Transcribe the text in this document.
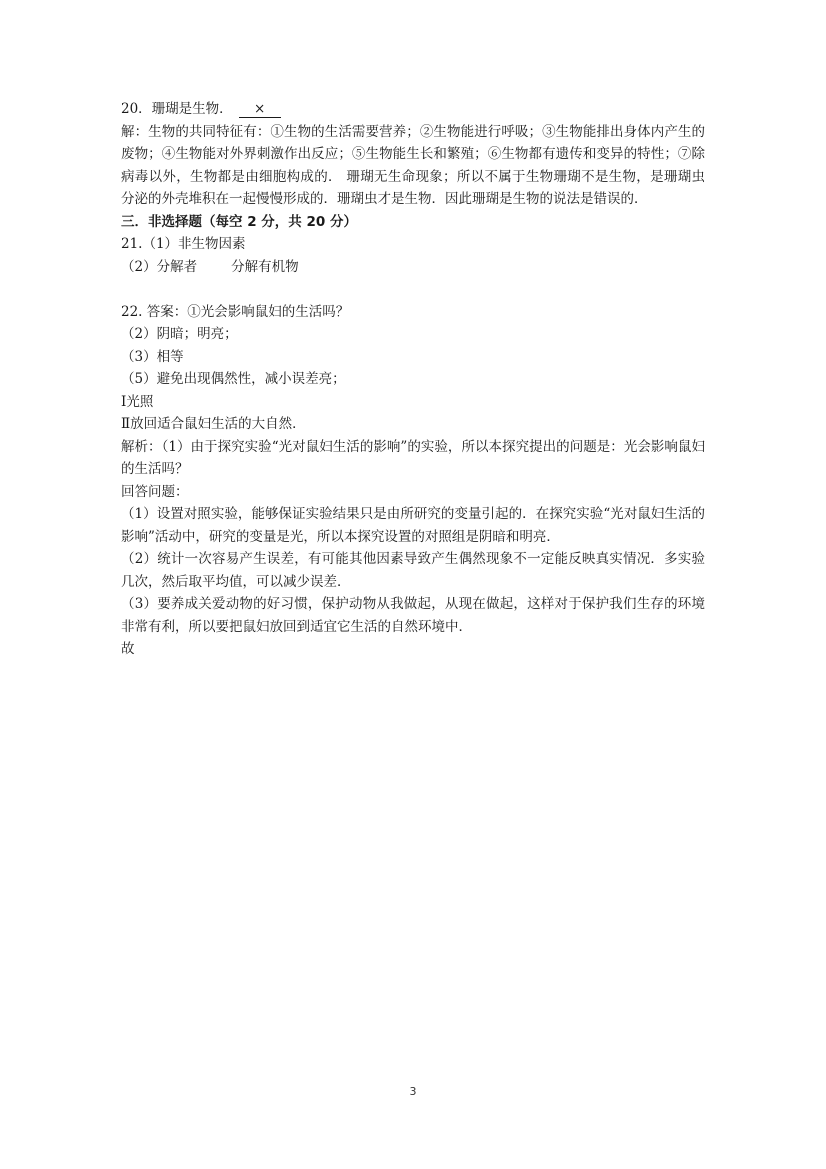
20．珊瑚是生物． ×

解：生物的共同特征有：①生物的生活需要营养；②生物能进行呼吸；③生物能排出身体内产生的废物；④生物能对外界刺激作出反应；⑤生物能生长和繁殖；⑥生物都有遗传和变异的特性；⑦除病毒以外，生物都是由细胞构成的． 珊瑚无生命现象；所以不属于生物珊瑚不是生物，是珊瑚虫分泌的外壳堆积在一起慢慢形成的．珊瑚虫才是生物．因此珊瑚是生物的说法是错误的．

三．非选择题（每空 2 分，共 20 分）

21.（1）非生物因素

（2）分解者	分解有机物

22. 答案：①光会影响鼠妇的生活吗？

（2）阴暗；明亮；

（3）相等

（5）避免出现偶然性，减小误差亮；

Ⅰ光照

Ⅱ放回适合鼠妇生活的大自然．

解析：（1）由于探究实验“光对鼠妇生活的影响”的实验，所以本探究提出的问题是：光会影响鼠妇的生活吗？

回答问题：

（1）设置对照实验，能够保证实验结果只是由所研究的变量引起的．在探究实验“光对鼠妇生活的影响”活动中，研究的变量是光，所以本探究设置的对照组是阴暗和明亮．

（2）统计一次容易产生误差，有可能其他因素导致产生偶然现象不一定能反映真实情况．多实验几次，然后取平均值，可以减少误差．

（3）要养成关爱动物的好习惯，保护动物从我做起，从现在做起，这样对于保护我们生存的环境非常有利，所以要把鼠妇放回到适宜它生活的自然环境中．

故

3
